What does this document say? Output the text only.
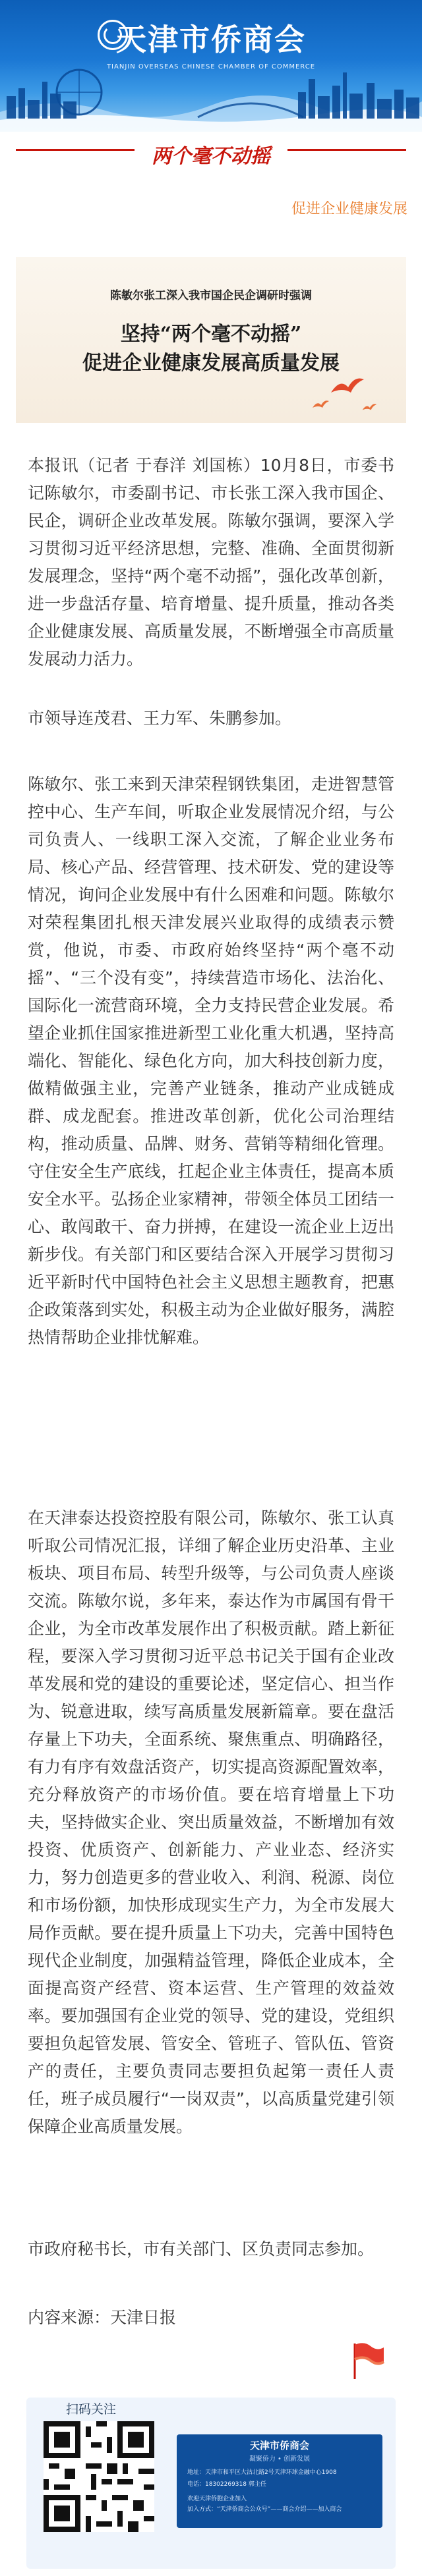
天津市侨商会
TIANJIN OVERSEAS CHINESE CHAMBER OF COMMERCE
两个毫不动摇
促进企业健康发展
陈敏尔张工深入我市国企民企调研时强调
坚持“两个毫不动摇”
促进企业健康发展高质量发展

本报讯（记者 于春洋 刘国栋）10月8日，市委书记陈敏尔，市委副书记、市长张工深入我市国企、民企，调研企业改革发展。陈敏尔强调，要深入学习贯彻习近平经济思想，完整、准确、全面贯彻新发展理念，坚持“两个毫不动摇”，强化改革创新，进一步盘活存量、培育增量、提升质量，推动各类企业健康发展、高质量发展，不断增强全市高质量发展动力活力。

市领导连茂君、王力军、朱鹏参加。

陈敏尔、张工来到天津荣程钢铁集团，走进智慧管控中心、生产车间，听取企业发展情况介绍，与公司负责人、一线职工深入交流，了解企业业务布局、核心产品、经营管理、技术研发、党的建设等情况，询问企业发展中有什么困难和问题。陈敏尔对荣程集团扎根天津发展兴业取得的成绩表示赞赏，他说，市委、市政府始终坚持“两个毫不动摇”、“三个没有变”，持续营造市场化、法治化、国际化一流营商环境，全力支持民营企业发展。希望企业抓住国家推进新型工业化重大机遇，坚持高端化、智能化、绿色化方向，加大科技创新力度，做精做强主业，完善产业链条，推动产业成链成群、成龙配套。推进改革创新，优化公司治理结构，推动质量、品牌、财务、营销等精细化管理。守住安全生产底线，扛起企业主体责任，提高本质安全水平。弘扬企业家精神，带领全体员工团结一心、敢闯敢干、奋力拼搏，在建设一流企业上迈出新步伐。有关部门和区要结合深入开展学习贯彻习近平新时代中国特色社会主义思想主题教育，把惠企政策落到实处，积极主动为企业做好服务，满腔热情帮助企业排忧解难。

在天津泰达投资控股有限公司，陈敏尔、张工认真听取公司情况汇报，详细了解企业历史沿革、主业板块、项目布局、转型升级等，与公司负责人座谈交流。陈敏尔说，多年来，泰达作为市属国有骨干企业，为全市改革发展作出了积极贡献。踏上新征程，要深入学习贯彻习近平总书记关于国有企业改革发展和党的建设的重要论述，坚定信心、担当作为、锐意进取，续写高质量发展新篇章。要在盘活存量上下功夫，全面系统、聚焦重点、明确路径，有力有序有效盘活资产，切实提高资源配置效率，充分释放资产的市场价值。要在培育增量上下功夫，坚持做实企业、突出质量效益，不断增加有效投资、优质资产、创新能力、产业业态、经济实力，努力创造更多的营业收入、利润、税源、岗位和市场份额，加快形成现实生产力，为全市发展大局作贡献。要在提升质量上下功夫，完善中国特色现代企业制度，加强精益管理，降低企业成本，全面提高资产经营、资本运营、生产管理的效益效率。要加强国有企业党的领导、党的建设，党组织要担负起管发展、管安全、管班子、管队伍、管资产的责任，主要负责同志要担负起第一责任人责任，班子成员履行“一岗双责”，以高质量党建引领保障企业高质量发展。

市政府秘书长，市有关部门、区负责同志参加。

内容来源：天津日报

扫码关注
天津市侨商会
凝聚侨力 • 创新发展
地址：天津市和平区大沽北路2号天津环球金融中心1908
电话：18302269318 郭主任
欢迎天津侨胞企业加入
加入方式：“天津侨商会公众号”——商会介绍——加入商会
